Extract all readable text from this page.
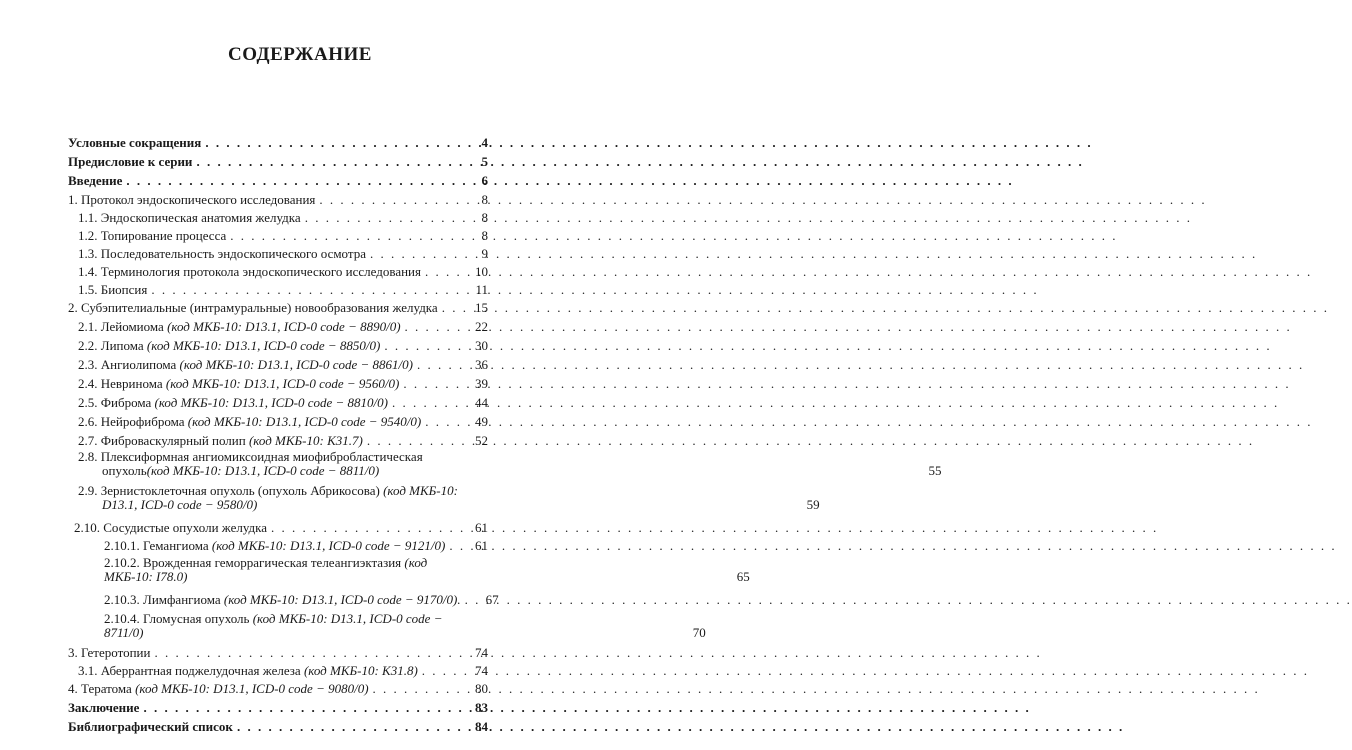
СОДЕРЖАНИЕ
Условные сокращения . . .	4
Предисловие к серии . . .	5
Введение . . .	6
1. Протокол эндоскопического исследования . . .	8
1.1. Эндоскопическая анатомия желудка . . .	8
1.2. Топирование процесса . . .	8
1.3. Последовательность эндоскопического осмотра . . .	9
1.4. Терминология протокола эндоскопического исследования . . .	10
1.5. Биопсия . . .	11
2. Субэпителиальные (интрамуральные) новообразования желудка . . .	15
2.1. Лейомиома (код МКБ-10: D13.1, ICD-0 code − 8890/0) . . .	22
2.2. Липома (код МКБ-10: D13.1, ICD-0 code − 8850/0) . . .	30
2.3. Ангиолипома (код МКБ-10: D13.1, ICD-0 code − 8861/0) . . .	36
2.4. Невринома (код МКБ-10: D13.1, ICD-0 code − 9560/0) . . .	39
2.5. Фиброма (код МКБ-10: D13.1, ICD-0 code − 8810/0) . . .	44
2.6. Нейрофиброма (код МКБ-10: D13.1, ICD-0 code − 9540/0) . . .	49
2.7. Фиброваскулярный полип (код МКБ-10: K31.7) . . .	52
2.8. Плексиформная ангиомиксоидная миофибробластическая
опухоль (код МКБ-10: D13.1, ICD-0 code − 8811/0)	55
2.9. Зернистоклеточная опухоль (опухоль Абрикосова) (код МКБ-10:
D13.1, ICD-0 code − 9580/0)	59
2.10. Сосудистые опухоли желудка . . .	61
2.10.1. Гемангиома (код МКБ-10: D13.1, ICD-0 code − 9121/0) . . .	61
2.10.2. Врожденная геморрагическая телеангиэктазия (код
МКБ-10: I78.0)	65
2.10.3. Лимфангиома (код МКБ-10: D13.1, ICD-0 code − 9170/0). . . .	67
2.10.4. Гломусная опухоль (код МКБ-10: D13.1, ICD-0 code −
8711/0)	70
3. Гетеротопии . . .	74
3.1. Аберрантная поджелудочная железа (код МКБ-10: K31.8) . . .	74
4. Тератома (код МКБ-10: D13.1, ICD-0 code − 9080/0) . . .	80
Заключение . . .	83
Библиографический список . . .	84
